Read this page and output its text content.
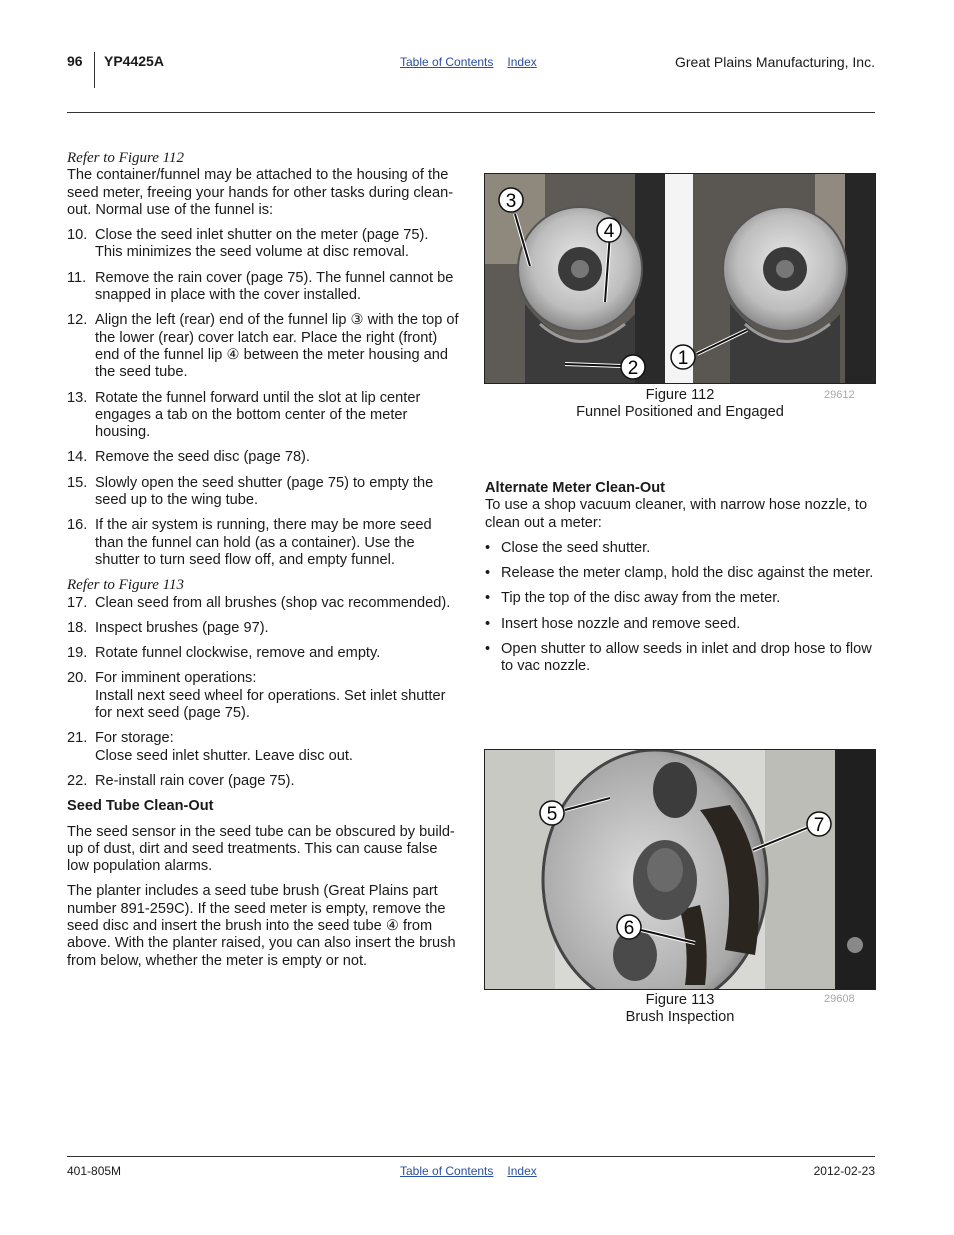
96 YP4425A	Table of Contents Index	Great Plains Manufacturing, Inc.
Refer to Figure 112

The container/funnel may be attached to the housing of the seed meter, freeing your hands for other tasks during clean-out. Normal use of the funnel is:

10. Close the seed inlet shutter on the meter (page 75). This minimizes the seed volume at disc removal.
11. Remove the rain cover (page 75). The funnel cannot be snapped in place with the cover installed.
12. Align the left (rear) end of the funnel lip ③ with the top of the lower (rear) cover latch ear. Place the right (front) end of the funnel lip ④ between the meter housing and the seed tube.
13. Rotate the funnel forward until the slot at lip center engages a tab on the bottom center of the meter housing.
14. Remove the seed disc (page 78).
15. Slowly open the seed shutter (page 75) to empty the seed up to the wing tube.
16. If the air system is running, there may be more seed than the funnel can hold (as a container). Use the shutter to turn seed flow off, and empty funnel.
Refer to Figure 113
17. Clean seed from all brushes (shop vac recommended).
18. Inspect brushes (page 97).
19. Rotate funnel clockwise, remove and empty.
20. For imminent operations:
Install next seed wheel for operations. Set inlet shutter for next seed (page 75).
21. For storage:
Close seed inlet shutter. Leave disc out.
22. Re-install rain cover (page 75).
Seed Tube Clean-Out

The seed sensor in the seed tube can be obscured by build-up of dust, dirt and seed treatments. This can cause false low population alarms.

The planter includes a seed tube brush (Great Plains part number 891-259C). If the seed meter is empty, remove the seed disc and insert the brush into the seed tube ④ from above. With the planter raised, you can also insert the brush from below, whether the meter is empty or not.

3
4
2 1
Figure 112
Funnel Positioned and Engaged
29612
Alternate Meter Clean-Out

To use a shop vacuum cleaner, with narrow hose nozzle, to clean out a meter:

• Close the seed shutter.
• Release the meter clamp, hold the disc against the meter.
• Tip the top of the disc away from the meter.
• Insert hose nozzle and remove seed.
• Open shutter to allow seeds in inlet and drop hose to flow to vac nozzle.
5
7
6
Figure 113
Brush Inspection
29608
401-805M	Table of Contents Index	2012-02-23
